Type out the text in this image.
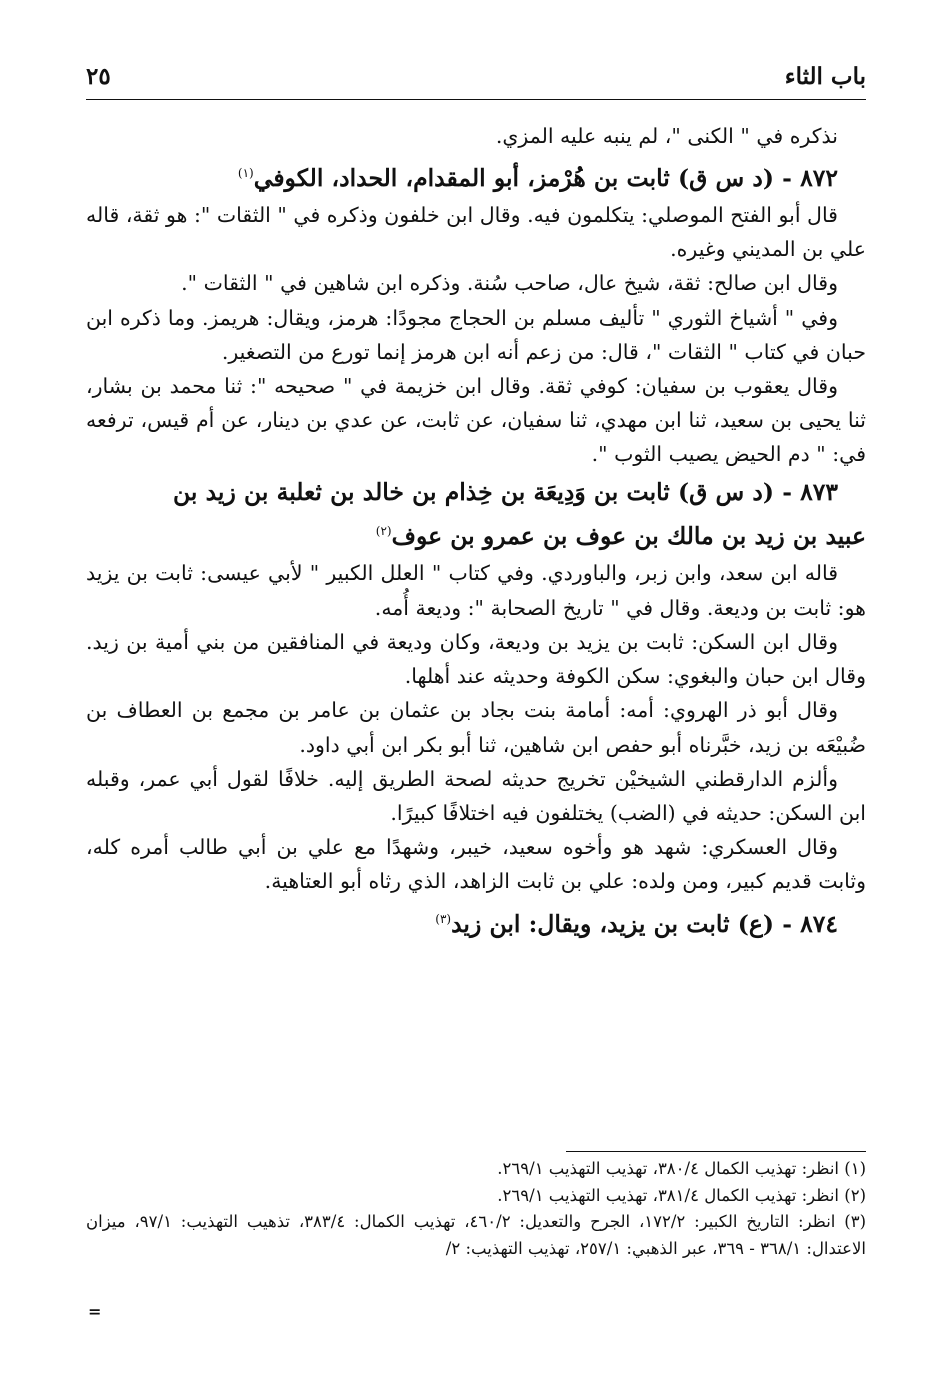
باب الثاء
٢٥

نذكره في " الكنى "، لم ينبه عليه المزي.

٨٧٢ - (د س ق) ثابت بن هُرْمز، أبو المقدام، الحداد، الكوفي$^{(١)}$

قال أبو الفتح الموصلي: يتكلمون فيه. وقال ابن خلفون وذكره في " الثقات ": هو ثقة، قاله علي بن المديني وغيره.

وقال ابن صالح: ثقة، شيخ عال، صاحب سُنة. وذكره ابن شاهين في " الثقات ".

وفي " أشياخ الثوري " تأليف مسلم بن الحجاج مجودًا: هرمز، ويقال: هريمز. وما ذكره ابن حبان في كتاب " الثقات "، قال: من زعم أنه ابن هرمز إنما تورع من التصغير.

وقال يعقوب بن سفيان: كوفي ثقة. وقال ابن خزيمة في " صحيحه ": ثنا محمد بن بشار، ثنا يحيى بن سعيد، ثنا ابن مهدي، ثنا سفيان، عن ثابت، عن عدي بن دينار، عن أم قيس، ترفعه في: " دم الحيض يصيب الثوب ".

٨٧٣ - (د س ق) ثابت بن وَدِيعَة بن خِذام بن خالد بن ثعلبة بن زيد بن

عبيد بن زيد بن مالك بن عوف بن عمرو بن عوف$^{(٢)}$

قاله ابن سعد، وابن زبر، والباوردي. وفي كتاب " العلل الكبير " لأبي عيسى: ثابت بن يزيد هو: ثابت بن وديعة. وقال في " تاريخ الصحابة ": وديعة أُمه.

وقال ابن السكن: ثابت بن يزيد بن وديعة، وكان وديعة في المنافقين من بني أمية بن زيد. وقال ابن حبان والبغوي: سكن الكوفة وحديثه عند أهلها.

وقال أبو ذر الهروي: أمه: أمامة بنت بجاد بن عثمان بن عامر بن مجمع بن العطاف بن ضُبيْعَه بن زيد، خبَّرناه أبو حفص ابن شاهين، ثنا أبو بكر ابن أبي داود.

وألزم الدارقطني الشيخيْن تخريج حديثه لصحة الطريق إليه. خلافًا لقول أبي عمر، وقبله ابن السكن: حديثه في (الضب) يختلفون فيه اختلافًا كبيرًا.

وقال العسكري: شهد هو وأخوه سعيد، خيبر، وشهدًا مع علي بن أبي طالب أمره كله، وثابت قديم كبير، ومن ولده: علي بن ثابت الزاهد، الذي رثاه أبو العتاهية.

٨٧٤ - (ع) ثابت بن يزيد، ويقال: ابن زيد$^{(٣)}$

(١) انظر: تهذيب الكمال ٣٨٠/٤، تهذيب التهذيب ٢٦٩/١.

(٢) انظر: تهذيب الكمال ٣٨١/٤، تهذيب التهذيب ٢٦٩/١.

(٣) انظر: التاريخ الكبير: ١٧٢/٢، الجرح والتعديل: ٤٦٠/٢، تهذيب الكمال: ٣٨٣/٤، تذهيب التهذيب: ٩٧/١، ميزان الاعتدال: ٣٦٨/١ - ٣٦٩، عبر الذهبي: ٢٥٧/١، تهذيب التهذيب: ٢/

=
